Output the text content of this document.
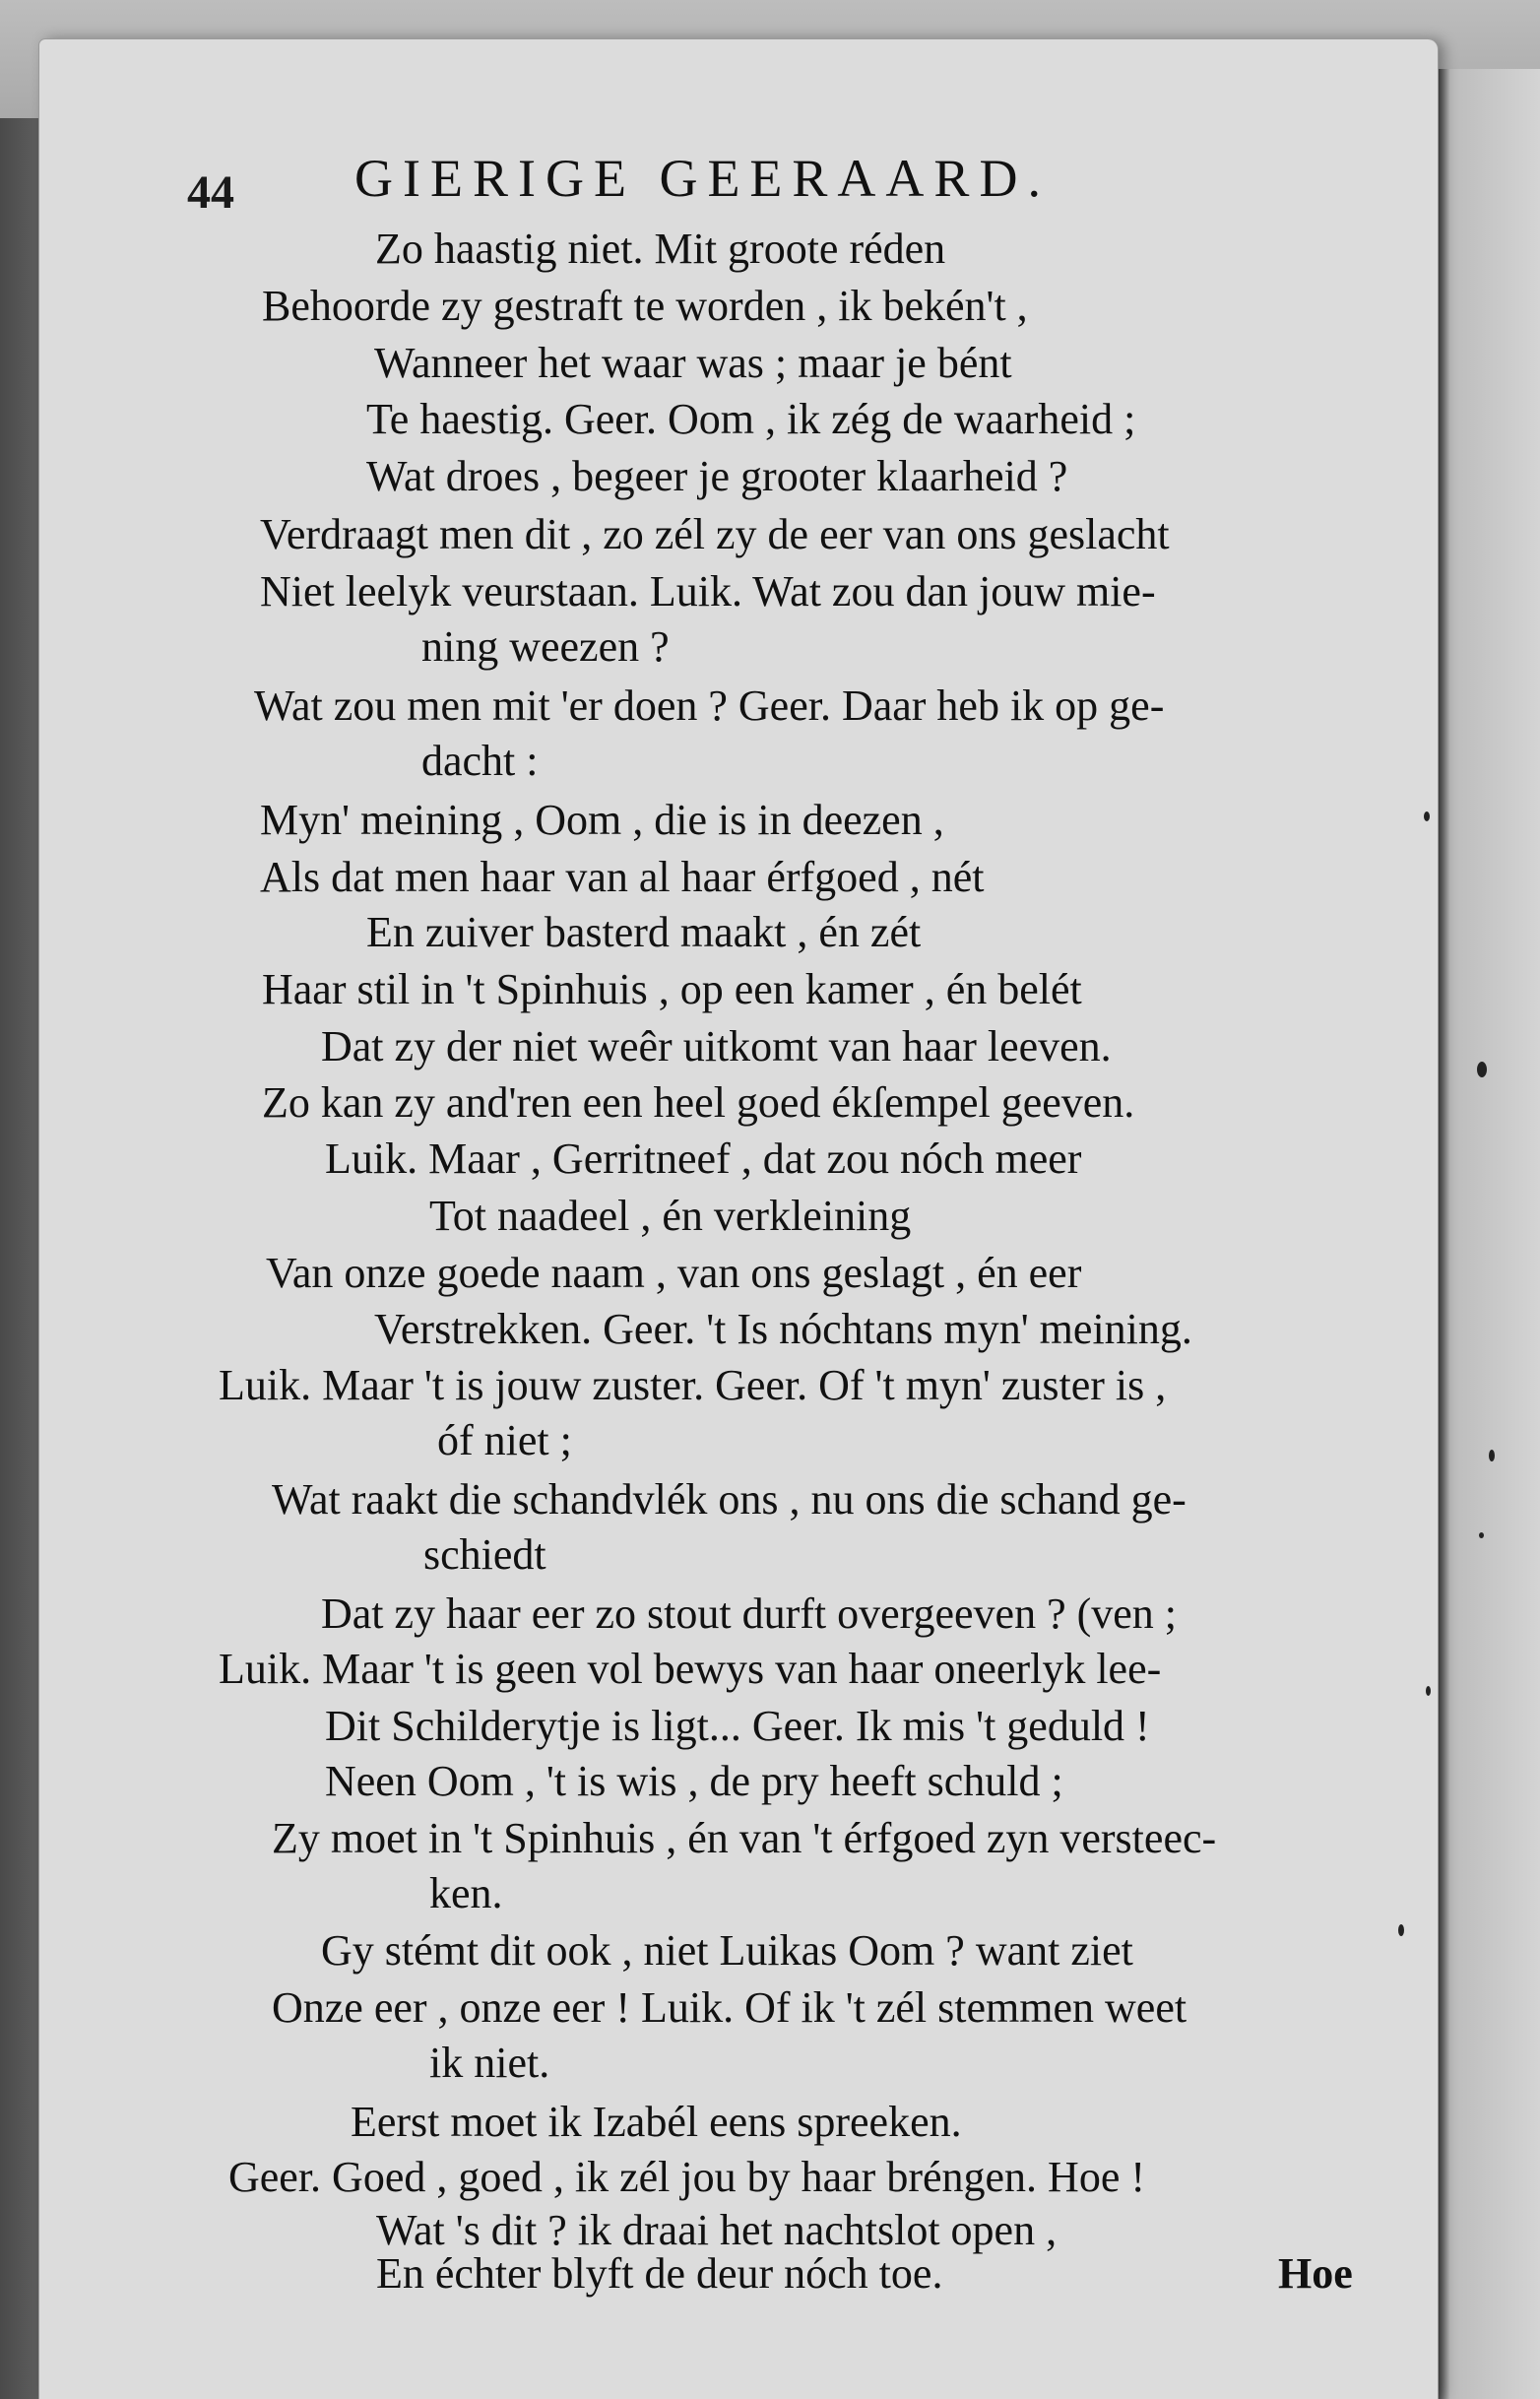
44 GIERIGE GEERAARD.
Zo haastig niet. Mit groote réden
Behoorde zy gestraft te worden , ik bekén't ,
Wanneer het waar was ; maar je bént
Te haestig. Geer. Oom , ik zég de waarheid ;
Wat droes , begeer je grooter klaarheid ?
Verdraagt men dit , zo zél zy de eer van ons geslacht
Niet leelyk veurstaan. Luik. Wat zou dan jouw mie-
ning weezen ?
Wat zou men mit 'er doen ? Geer. Daar heb ik op ge-
dacht :
Myn' meining , Oom , die is in deezen ,
Als dat men haar van al haar érfgoed , nét
En zuiver basterd maakt , én zét
Haar stil in 't Spinhuis , op een kamer , én belét
Dat zy der niet weêr uitkomt van haar leeven.
Zo kan zy and'ren een heel goed ékſempel geeven.
Luik. Maar , Gerritneef , dat zou nóch meer
Tot naadeel , én verkleining
Van onze goede naam , van ons geslagt , én eer
Verstrekken. Geer. 't Is nóchtans myn' meining.
Luik. Maar 't is jouw zuster. Geer. Of 't myn' zuster is ,
óf niet ;
Wat raakt die schandvlék ons , nu ons die schand ge-
schiedt
Dat zy haar eer zo stout durft overgeeven ? (ven ;
Luik. Maar 't is geen vol bewys van haar oneerlyk lee-
Dit Schilderytje is ligt... Geer. Ik mis 't geduld !
Neen Oom , 't is wis , de pry heeft schuld ;
Zy moet in 't Spinhuis , én van 't érfgoed zyn versteec-
ken.
Gy stémt dit ook , niet Luikas Oom ? want ziet
Onze eer , onze eer ! Luik. Of ik 't zél stemmen weet
ik niet.
Eerst moet ik Izabél eens spreeken.
Geer. Goed , goed , ik zél jou by haar bréngen. Hoe !
Wat 's dit ? ik draai het nachtslot open ,
En échter blyft de deur nóch toe.	Hoe
